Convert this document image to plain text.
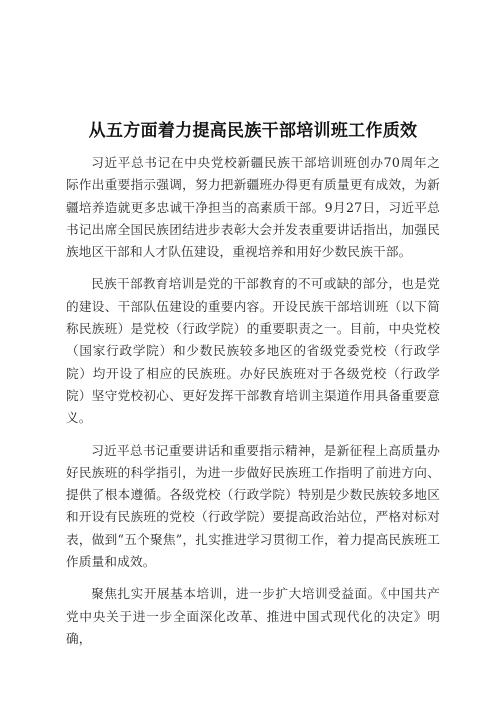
从五方面着力提高民族干部培训班工作质效

习近平总书记在中央党校新疆民族干部培训班创办70周年之际作出重要指示强调，努力把新疆班办得更有质量更有成效，为新疆培养造就更多忠诚干净担当的高素质干部。9月27日，习近平总书记出席全国民族团结进步表彰大会并发表重要讲话指出，加强民族地区干部和人才队伍建设，重视培养和用好少数民族干部。

民族干部教育培训是党的干部教育的不可或缺的部分，也是党的建设、干部队伍建设的重要内容。开设民族干部培训班（以下简称民族班）是党校（行政学院）的重要职责之一。目前，中央党校（国家行政学院）和少数民族较多地区的省级党委党校（行政学院）均开设了相应的民族班。办好民族班对于各级党校（行政学院）坚守党校初心、更好发挥干部教育培训主渠道作用具备重要意义。

习近平总书记重要讲话和重要指示精神，是新征程上高质量办好民族班的科学指引，为进一步做好民族班工作指明了前进方向、提供了根本遵循。各级党校（行政学院）特别是少数民族较多地区和开设有民族班的党校（行政学院）要提高政治站位，严格对标对表，做到“五个聚焦”，扎实推进学习贯彻工作，着力提高民族班工作质量和成效。

聚焦扎实开展基本培训，进一步扩大培训受益面。《中国共产党中央关于进一步全面深化改革、推进中国式现代化的决定》明确，
